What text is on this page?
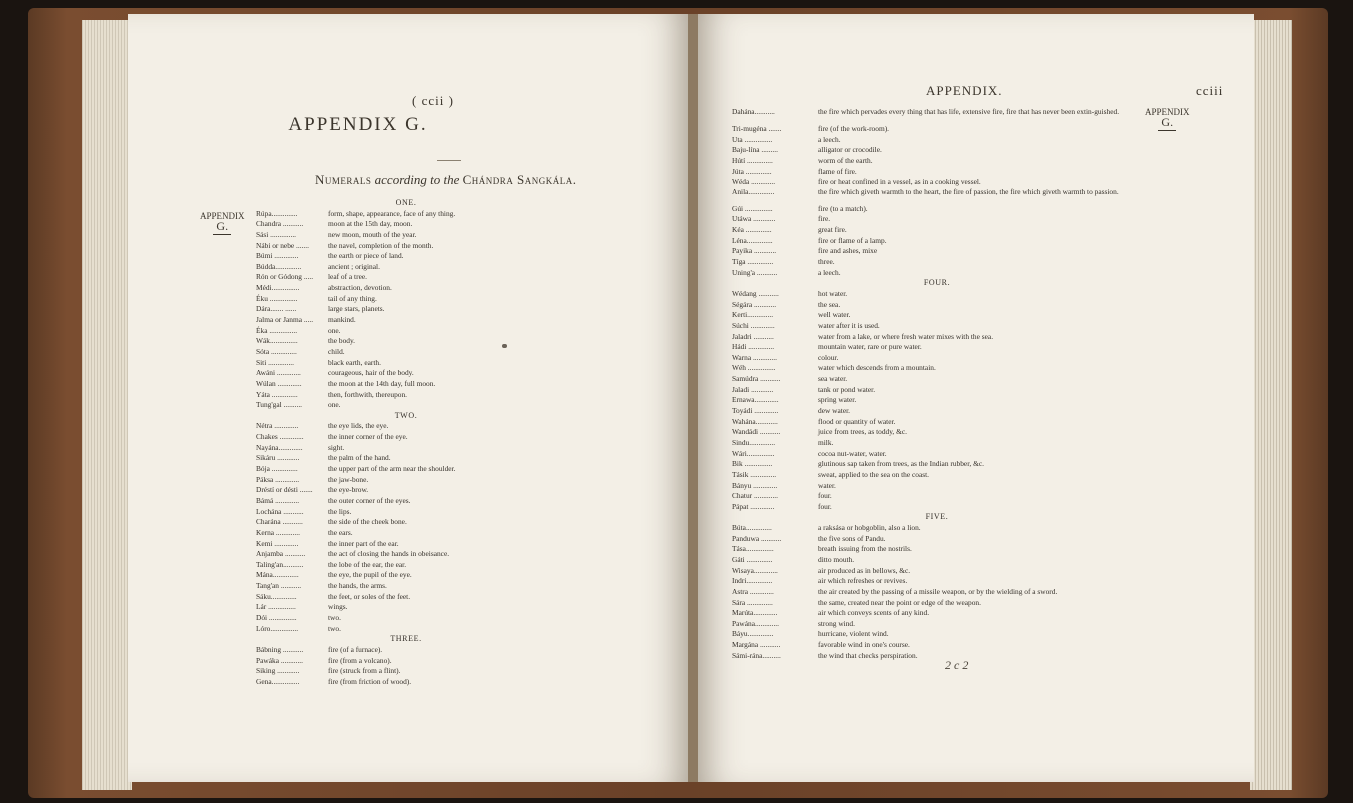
( ccii )
APPENDIX G.
Numerals according to the Chándra Sangkála.
APPENDIX
G.
ONE.
Rúpa..............	form, shape, appearance, face of any thing.
Chandra ...........	moon at the 15th day, moon.
Sási ..............	new moon, mouth of the year.
Nábi or nebe .......	the navel, completion of the month.
Búmi .............	the earth or piece of land.
Búdda..............	ancient ; original.
Rón or Gódong ..... leaf of a tree.
Médi...............	abstraction, devotion.
Éku ...............	tail of any thing.
Dára....... ......	large stars, planets.
Jalma or Janma ..... mankind.
Éka ...............	one.
Wák...............	the body.
Sóta ..............	child.
Siti ..............	black earth, earth.
Awáni .............	courageous, hair of the body.
Wúlan .............	the moon at the 14th day, full moon.
Yáta ..............	then, forthwith, thereupon.
Tung'gal ..........	one.
TWO.
Nétra .............	the eye lids, the eye.
Chakes .............	the inner corner of the eye.
Nayána.............	sight.
Sikáru ............	the palm of the hand.
Bója ..............	the upper part of the arm near the shoulder.
Páksa .............	the jaw-bone.
Dréstí or désti ....... the eye-brow.
Bámá .............	the outer corner of the eyes.
Lochána ...........	the lips.
Charána ...........	the side of the cheek bone.
Kerna .............	the ears.
Kemi .............	the inner part of the ear.
Anjamba ...........	the act of closing the hands in obeisance.
Taling'an...........	the lobe of the ear, the ear.
Mána..............	the eye, the pupil of the eye.
Tang'an ...........	the hands, the arms.
Sáku..............	the feet, or soles of the feet.
Lár ...............	wings.
Dói ...............	two.
Lóro...............	two.
THREE.
Bábning ...........	fire (of a furnace).
Pawáka ............	fire (from a volcano).
Siking ............	fire (struck from a flint).
Gena...............	fire (from friction of wood).
APPENDIX.	cciii
APPENDIX
G.
Dahána...........	the fire which pervades every thing that has life, extensive fire, fire that has never been extin-guished.
Tri-mugéna .......	fire (of the work-room).
Uta ...............	a leech.
Baju-lína .........	alligator or crocodile.
Hútí ..............	worm of the earth.
Júta ..............	flame of fire.
Wéda .............	fire or heat confined in a vessel, as in a cooking vessel.
Anila..............	the fire which giveth warmth to the heart, the fire of passion, the fire which giveth warmth to passion.
Gúi ...............	fire (to a match).
Utáwa ............	fire.
Kéa ..............	great fire.
Léna..............	fire or flame of a lamp.
Payika ............	fire and ashes, mixe
Tíga ..............	three.
Uning'a ...........	a leech.
FOUR.
Wédang ...........	hot water.
Ségára ............	the sea.
Kerti..............	well water.
Súchi .............	water after it is used.
Jaladri ...........	water from a lake, or where fresh water mixes with the sea.
Hádi ..............	mountain water, rare or pure water.
Warna .............	colour.
Wéh ...............	water which descends from a mountain.
Samúdra ...........	sea water.
Jaladi ............	tank or pond water.
Ernawa.............	spring water.
Toyádi .............	dew water.
Wahána............	flood or quantity of water.
Wandádi ...........	juice from trees, as toddy, &c.
Sindu..............	milk.
Wári...............	cocoa nut-water, water.
Bik ...............	glutinous sap taken from trees, as the Indian rubber, &c.
Tásik ..............	sweat, applied to the sea on the coast.
Bányu .............	water.
Chatur .............	four.
Pápat .............	four.
FIVE.
Búta..............	a raksása or hobgoblin, also a lion.
Panduwa ...........	the five sons of Pandu.
Tása...............	breath issuing from the nostrils.
Gáti ..............	ditto mouth.
Wisaya.............	air produced as in bellows, &c.
Indri..............	air which refreshes or revives.
Astra .............	the air created by the passing of a missile weapon, or by the wielding of a sword.
Sára ..............	the same, created near the point or edge of the weapon.
Marúta.............	air which conveys scents of any kind.
Pawána.............	strong wind.
Báyu..............	hurricane, violent wind.
Margána ...........	favorable wind in one's course.
Sámi-rána..........	the wind that checks perspiration.
2 c 2
